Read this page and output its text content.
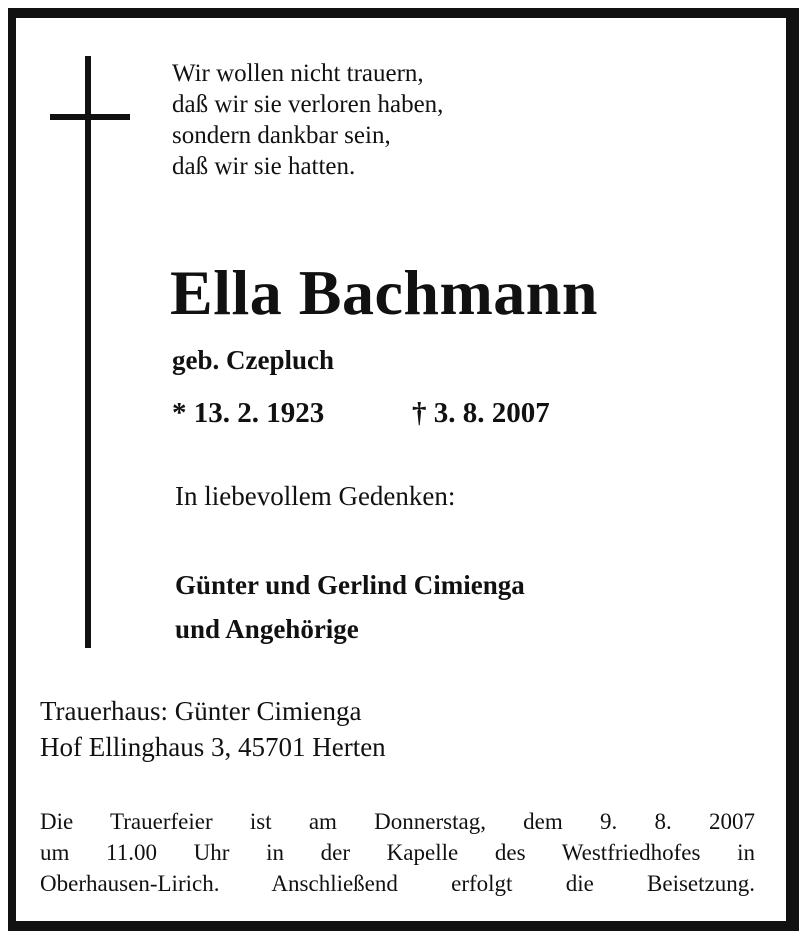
Wir wollen nicht trauern,
daß wir sie verloren haben,
sondern dankbar sein,
daß wir sie hatten.
Ella Bachmann
geb. Czepluch
* 13. 2. 1923	† 3. 8. 2007
In liebevollem Gedenken:
Günter und Gerlind Cimienga
und Angehörige
Trauerhaus: Günter Cimienga
Hof Ellinghaus 3, 45701 Herten
Die Trauerfeier ist am Donnerstag, dem 9. 8. 2007
um 11.00 Uhr in der Kapelle des Westfriedhofes in
Oberhausen-Lirich. Anschließend erfolgt die Beisetzung.
